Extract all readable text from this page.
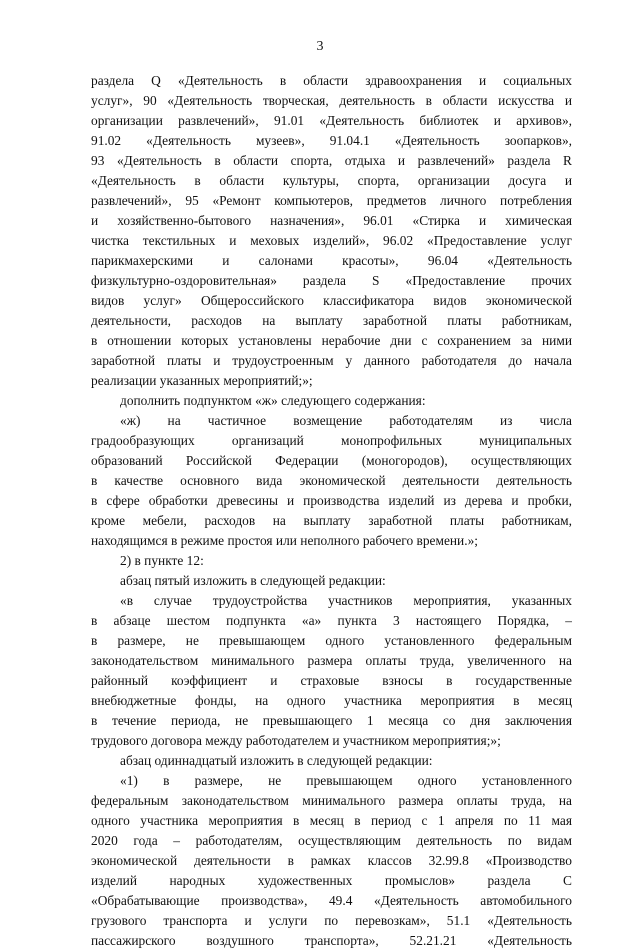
3
раздела Q «Деятельность в области здравоохранения и социальных
услуг», 90 «Деятельность творческая, деятельность в области искусства и
организации развлечений», 91.01 «Деятельность библиотек и архивов»,
91.02 «Деятельность музеев», 91.04.1 «Деятельность зоопарков»,
93 «Деятельность в области спорта, отдыха и развлечений» раздела R
«Деятельность в области культуры, спорта, организации досуга и
развлечений», 95 «Ремонт компьютеров, предметов личного потребления
и хозяйственно-бытового назначения», 96.01 «Стирка и химическая
чистка текстильных и меховых изделий», 96.02 «Предоставление услуг
парикмахерскими и салонами красоты», 96.04 «Деятельность
физкультурно-оздоровительная» раздела S «Предоставление прочих
видов услуг» Общероссийского классификатора видов экономической
деятельности, расходов на выплату заработной платы работникам,
в отношении которых установлены нерабочие дни с сохранением за ними
заработной платы и трудоустроенным у данного работодателя до начала
реализации указанных мероприятий;»;
дополнить подпунктом «ж» следующего содержания:
«ж) на частичное возмещение работодателям из числа
градообразующих организаций монопрофильных муниципальных
образований Российской Федерации (моногородов), осуществляющих
в качестве основного вида экономической деятельности деятельность
в сфере обработки древесины и производства изделий из дерева и пробки,
кроме мебели, расходов на выплату заработной платы работникам,
находящимся в режиме простоя или неполного рабочего времени.»;
2) в пункте 12:
абзац пятый изложить в следующей редакции:
«в случае трудоустройства участников мероприятия, указанных
в абзаце шестом подпункта «а» пункта 3 настоящего Порядка, –
в размере, не превышающем одного установленного федеральным
законодательством минимального размера оплаты труда, увеличенного на
районный коэффициент и страховые взносы в государственные
внебюджетные фонды, на одного участника мероприятия в месяц
в течение периода, не превышающего 1 месяца со дня заключения
трудового договора между работодателем и участником мероприятия;»;
абзац одиннадцатый изложить в следующей редакции:
«1) в размере, не превышающем одного установленного
федеральным законодательством минимального размера оплаты труда, на
одного участника мероприятия в месяц в период с 1 апреля по 11 мая
2020 года – работодателям, осуществляющим деятельность по видам
экономической деятельности в рамках классов 32.99.8 «Производство
изделий народных художественных промыслов» раздела C
«Обрабатывающие производства», 49.4 «Деятельность автомобильного
грузового транспорта и услуги по перевозкам», 51.1 «Деятельность
пассажирского воздушного транспорта», 52.21.21 «Деятельность
